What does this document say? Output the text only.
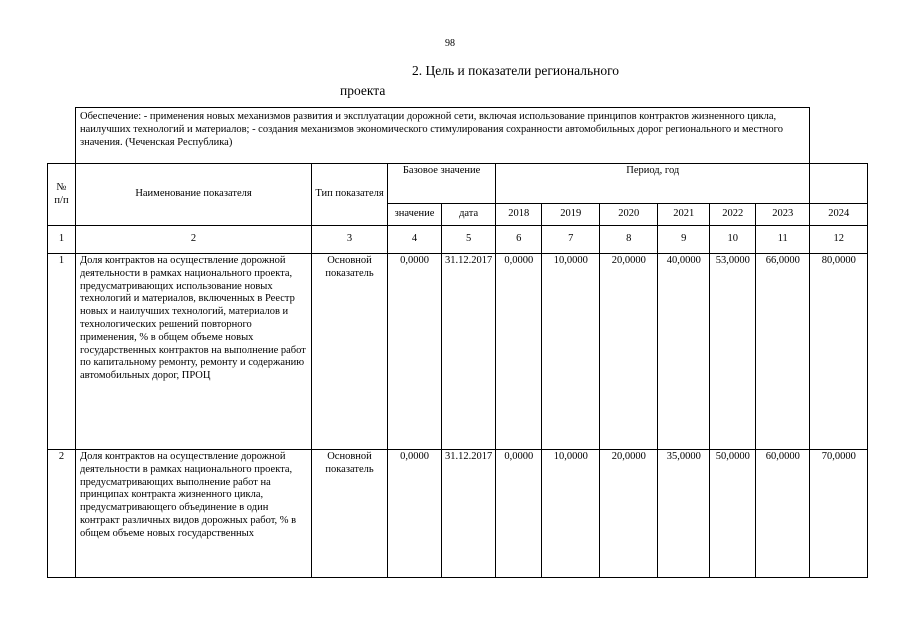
98
2. Цель и показатели регионального
проекта
	Обеспечение: - применения новых механизмов развития и эксплуатации дорожной сети, включая использование принципов контрактов жизненного цикла, наилучших технологий и материалов; - создания механизмов экономического стимулирования сохранности автомобильных дорог регионального и местного значения. (Чеченская Республика)										
№ п/п	Наименование показателя	Тип показателя	Базовое значение		Период, год						
			значение	дата	2018	2019	2020	2021	2022	2023	2024
1	2	3	4	5	6	7	8	9	10	11	12
1	Доля контрактов на осуществление дорожной деятельности в рамках национального проекта, предусматривающих использование новых технологий и материалов, включенных в Реестр новых и наилучших технологий, материалов и технологических решений повторного применения, % в общем объеме новых государственных контрактов на выполнение работ по капитальному ремонту, ремонту и содержанию автомобильных дорог, ПРОЦ	Основной показатель	0,0000	31.12.2017	0,0000	10,0000	20,0000	40,0000	53,0000	66,0000	80,0000
2	Доля контрактов на осуществление дорожной деятельности в рамках национального проекта, предусматривающих выполнение работ на принципах контракта жизненного цикла, предусматривающего объединение в один контракт различных видов дорожных работ, % в общем объеме новых государственных	Основной показатель	0,0000	31.12.2017	0,0000	10,0000	20,0000	35,0000	50,0000	60,0000	70,0000
